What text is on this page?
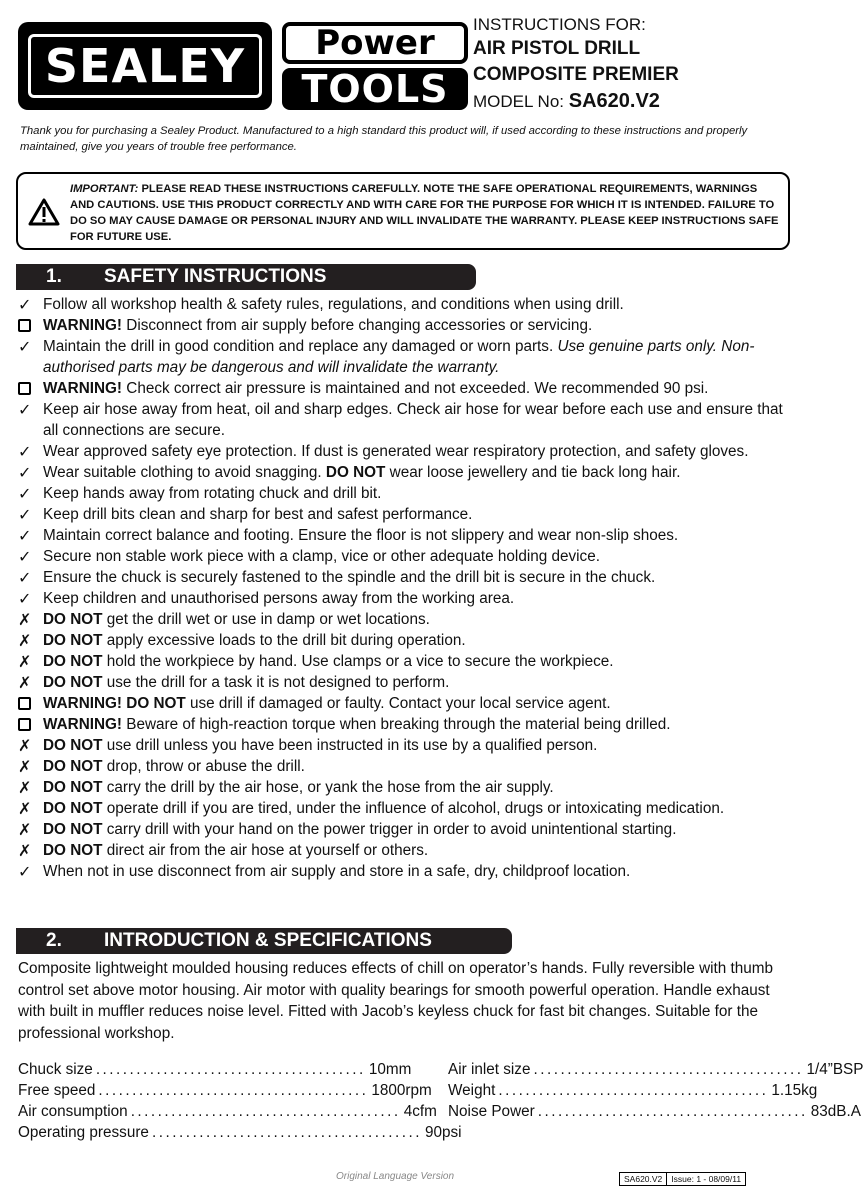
SEALEY	Power
TOOLS
INSTRUCTIONS FOR:
AIR PISTOL DRILL
COMPOSITE PREMIER
MODEL No: SA620.V2
Thank you for purchasing a Sealey Product. Manufactured to a high standard this product will, if used according to these instructions and properly maintained, give you years of trouble free performance.
IMPORTANT: PLEASE READ THESE INSTRUCTIONS CAREFULLY. NOTE THE SAFE OPERATIONAL REQUIREMENTS, WARNINGS AND CAUTIONS. USE THIS PRODUCT CORRECTLY AND WITH CARE FOR THE PURPOSE FOR WHICH IT IS INTENDED. FAILURE TO DO SO MAY CAUSE DAMAGE OR PERSONAL INJURY AND WILL INVALIDATE THE WARRANTY. PLEASE KEEP INSTRUCTIONS SAFE FOR FUTURE USE.
1. SAFETY INSTRUCTIONS
✓ Follow all workshop health & safety rules, regulations, and conditions when using drill.
WARNING! Disconnect from air supply before changing accessories or servicing.
✓ Maintain the drill in good condition and replace any damaged or worn parts. Use genuine parts only. Non-authorised parts may be dangerous and will invalidate the warranty.
WARNING! Check correct air pressure is maintained and not exceeded. We recommended 90 psi.
✓ Keep air hose away from heat, oil and sharp edges. Check air hose for wear before each use and ensure that all connections are secure.
✓ Wear approved safety eye protection. If dust is generated wear respiratory protection, and safety gloves.
✓ Wear suitable clothing to avoid snagging. DO NOT wear loose jewellery and tie back long hair.
✓ Keep hands away from rotating chuck and drill bit.
✓ Keep drill bits clean and sharp for best and safest performance.
✓ Maintain correct balance and footing. Ensure the floor is not slippery and wear non-slip shoes.
✓ Secure non stable work piece with a clamp, vice or other adequate holding device.
✓ Ensure the chuck is securely fastened to the spindle and the drill bit is secure in the chuck.
✓ Keep children and unauthorised persons away from the working area.
✗ DO NOT get the drill wet or use in damp or wet locations.
✗ DO NOT apply excessive loads to the drill bit during operation.
✗ DO NOT hold the workpiece by hand. Use clamps or a vice to secure the workpiece.
✗ DO NOT use the drill for a task it is not designed to perform.
WARNING! DO NOT use drill if damaged or faulty. Contact your local service agent.
WARNING! Beware of high-reaction torque when breaking through the material being drilled.
✗ DO NOT use drill unless you have been instructed in its use by a qualified person.
✗ DO NOT drop, throw or abuse the drill.
✗ DO NOT carry the drill by the air hose, or yank the hose from the air supply.
✗ DO NOT operate drill if you are tired, under the influence of alcohol, drugs or intoxicating medication.
✗ DO NOT carry drill with your hand on the power trigger in order to avoid unintentional starting.
✗ DO NOT direct air from the air hose at yourself or others.
✓ When not in use disconnect from air supply and store in a safe, dry, childproof location.
2. INTRODUCTION & SPECIFICATIONS
Composite lightweight moulded housing reduces effects of chill on operator’s hands. Fully reversible with thumb control set above motor housing. Air motor with quality bearings for smooth powerful operation. Handle exhaust with built in muffler reduces noise level. Fitted with Jacob’s keyless chuck for fast bit changes. Suitable for the professional workshop.
Chuck size ........................................ 10mm
Free speed ........................................ 1800rpm
Air consumption ........................................ 4cfm
Operating pressure ........................................ 90psi
Air inlet size ........................................ 1/4”BSP
Weight ........................................ 1.15kg
Noise Power ........................................ 83dB.A
Original Language Version	SA620.V2	Issue: 1 - 08/09/11
